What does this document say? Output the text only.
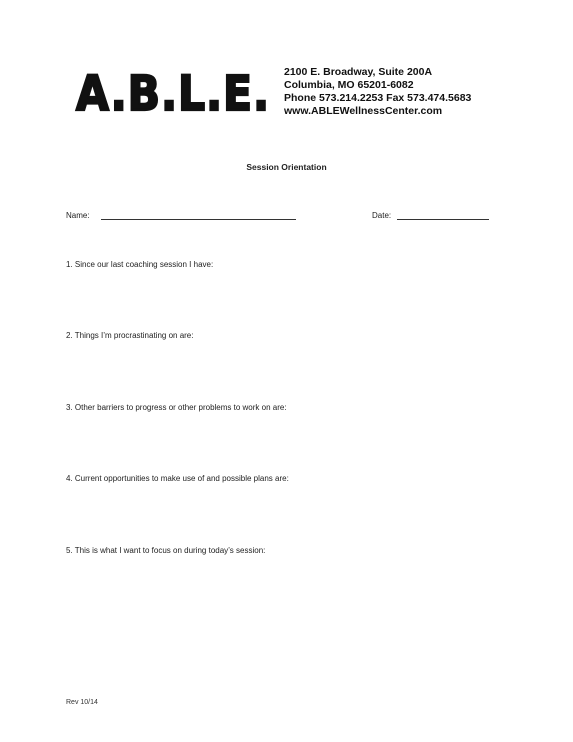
A.B.L.E. 2100 E. Broadway, Suite 200A
Columbia, MO 65201-6082
Phone 573.214.2253 Fax 573.474.5683
www.ABLEWellnessCenter.com
Session Orientation
Name:	Date:
1. Since our last coaching session I have:
2. Things I’m procrastinating on are:
3. Other barriers to progress or other problems to work on are:
4. Current opportunities to make use of and possible plans are:
5. This is what I want to focus on during today’s session:
Rev 10/14
